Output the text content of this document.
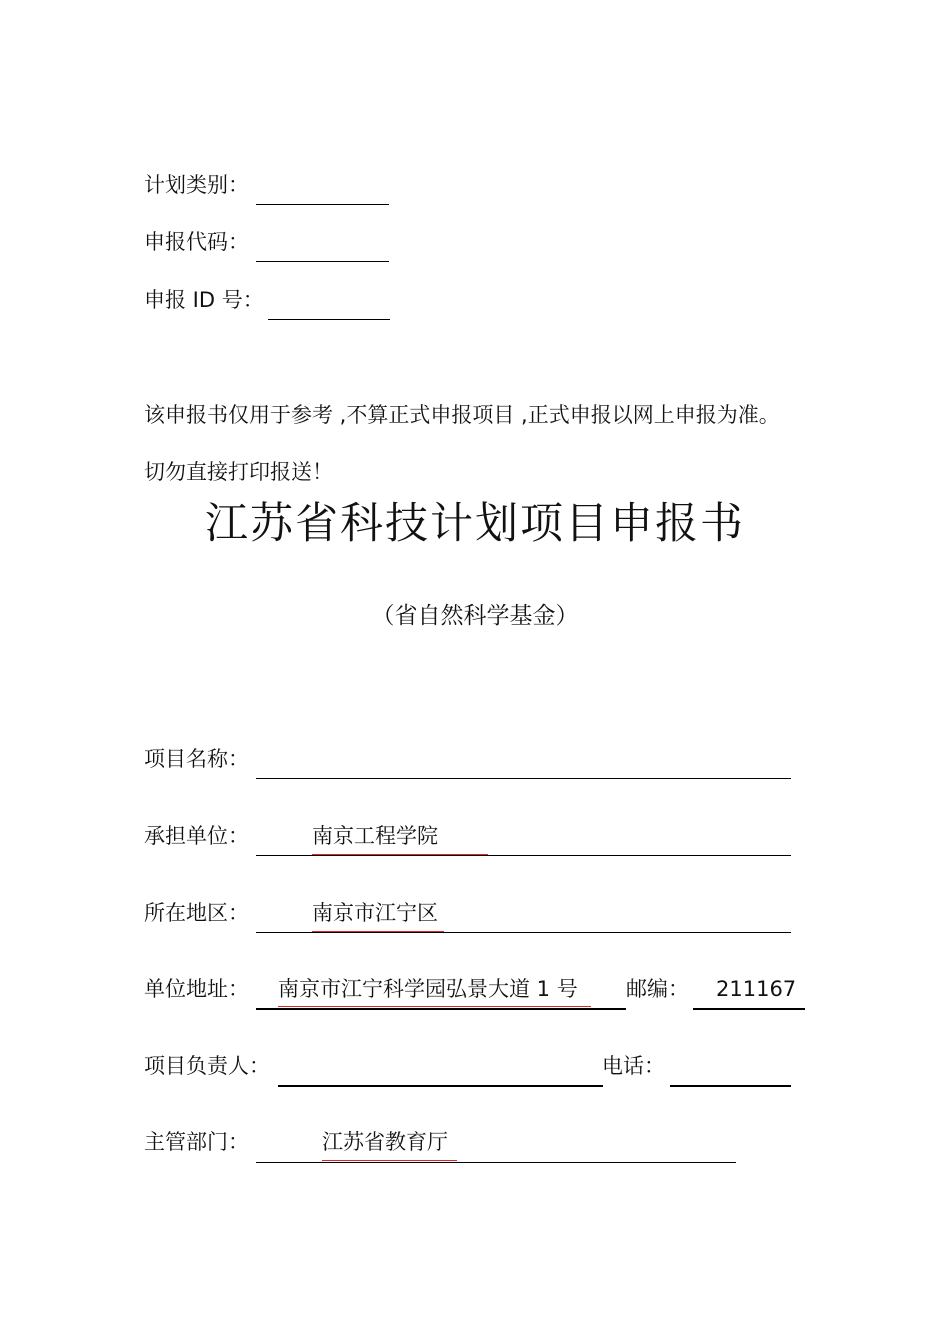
计划类别：
申报代码：
申报 ID 号：
该申报书仅用于参考 ,不算正式申报项目 ,正式申报以网上申报为准。
切勿直接打印报送！
江苏省科技计划项目申报书
（省自然科学基金）
项目名称：
承担单位：	南京工程学院
所在地区：	南京市江宁区
单位地址： 南京市江宁科学园弘景大道 1 号 邮编： 211167
项目负责人：	电话：
主管部门：	江苏省教育厅
